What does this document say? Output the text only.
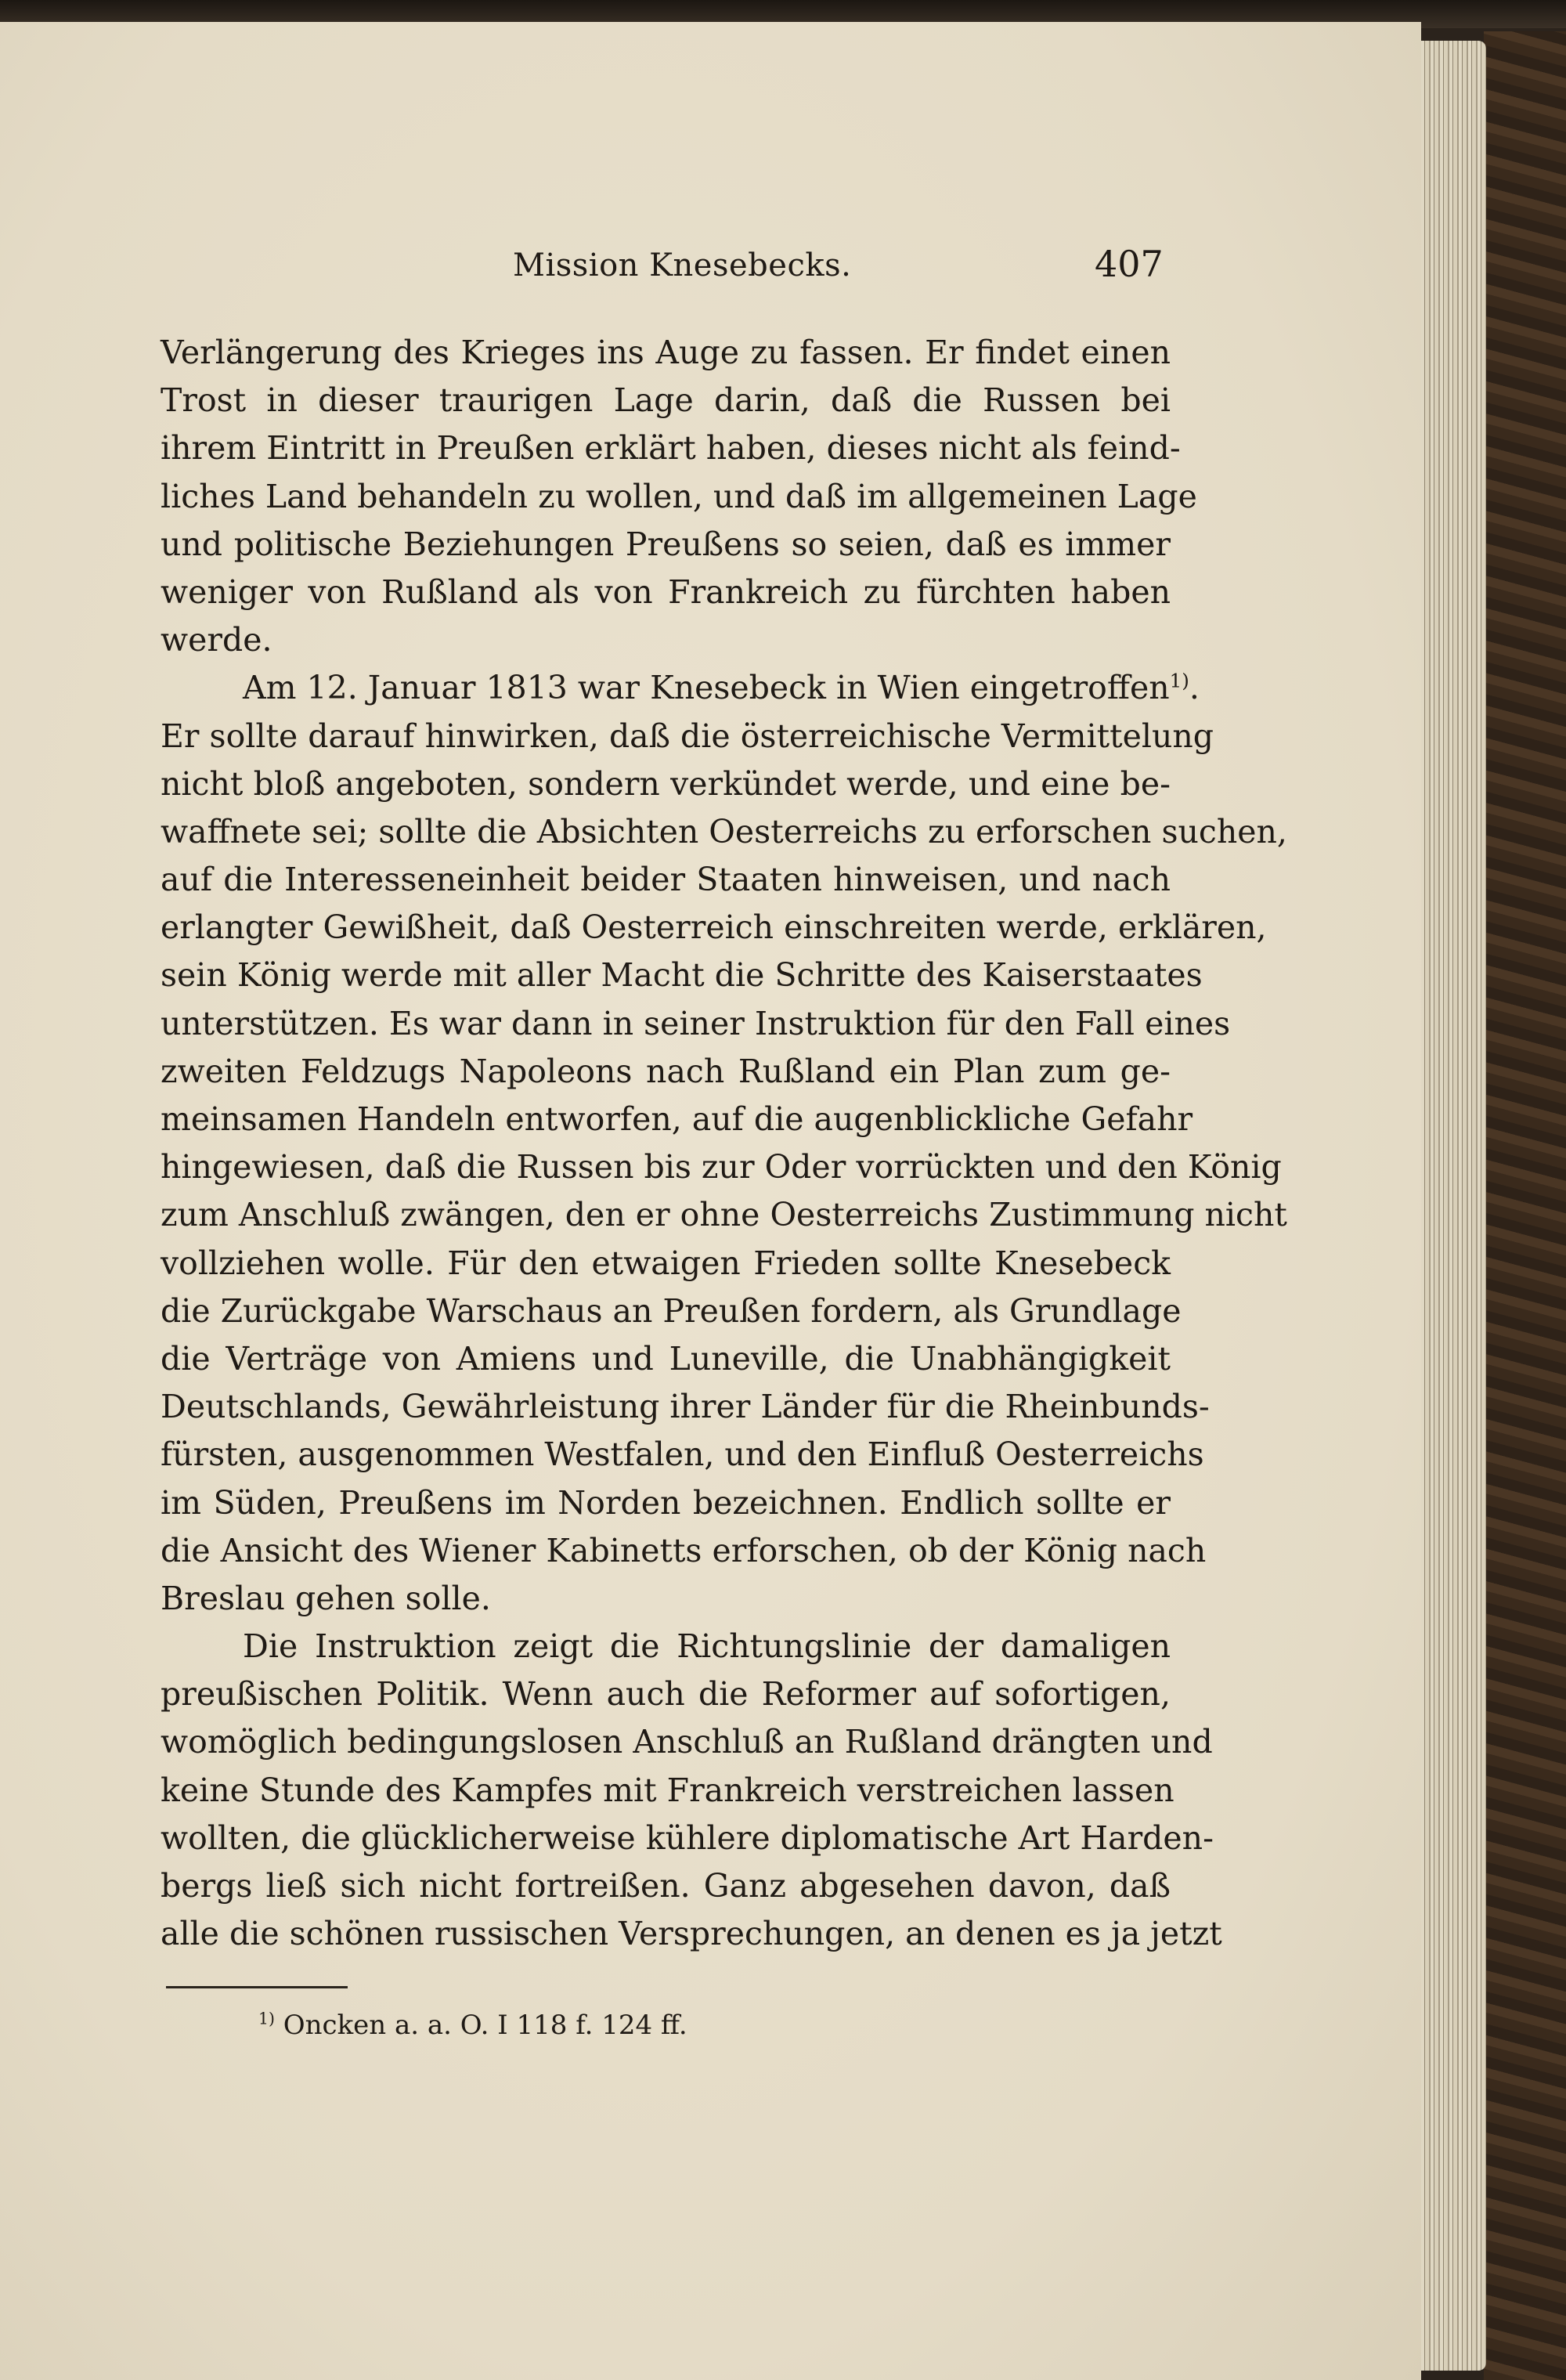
Mission Knesebecks.	407
Verlängerung des Krieges ins Auge zu fassen. Er findet einen
Trost in dieser traurigen Lage darin, daß die Russen bei
ihrem Eintritt in Preußen erklärt haben, dieses nicht als feind-
liches Land behandeln zu wollen, und daß im allgemeinen Lage
und politische Beziehungen Preußens so seien, daß es immer
weniger von Rußland als von Frankreich zu fürchten haben
werde.
Am 12. Januar 1813 war Knesebeck in Wien eingetroffen$^{1)}$.
Er sollte darauf hinwirken, daß die österreichische Vermittelung
nicht bloß angeboten, sondern verkündet werde, und eine be-
waffnete sei; sollte die Absichten Oesterreichs zu erforschen suchen,
auf die Interesseneinheit beider Staaten hinweisen, und nach
erlangter Gewißheit, daß Oesterreich einschreiten werde, erklären,
sein König werde mit aller Macht die Schritte des Kaiserstaates
unterstützen. Es war dann in seiner Instruktion für den Fall eines
zweiten Feldzugs Napoleons nach Rußland ein Plan zum ge-
meinsamen Handeln entworfen, auf die augenblickliche Gefahr
hingewiesen, daß die Russen bis zur Oder vorrückten und den König
zum Anschluß zwängen, den er ohne Oesterreichs Zustimmung nicht
vollziehen wolle. Für den etwaigen Frieden sollte Knesebeck
die Zurückgabe Warschaus an Preußen fordern, als Grundlage
die Verträge von Amiens und Luneville, die Unabhängigkeit
Deutschlands, Gewährleistung ihrer Länder für die Rheinbunds-
fürsten, ausgenommen Westfalen, und den Einfluß Oesterreichs
im Süden, Preußens im Norden bezeichnen. Endlich sollte er
die Ansicht des Wiener Kabinetts erforschen, ob der König nach
Breslau gehen solle.
Die Instruktion zeigt die Richtungslinie der damaligen
preußischen Politik. Wenn auch die Reformer auf sofortigen,
womöglich bedingungslosen Anschluß an Rußland drängten und
keine Stunde des Kampfes mit Frankreich verstreichen lassen
wollten, die glücklicherweise kühlere diplomatische Art Harden-
bergs ließ sich nicht fortreißen. Ganz abgesehen davon, daß
alle die schönen russischen Versprechungen, an denen es ja jetzt
$^{1)}$ Oncken a. a. O. I 118 f. 124 ff.
